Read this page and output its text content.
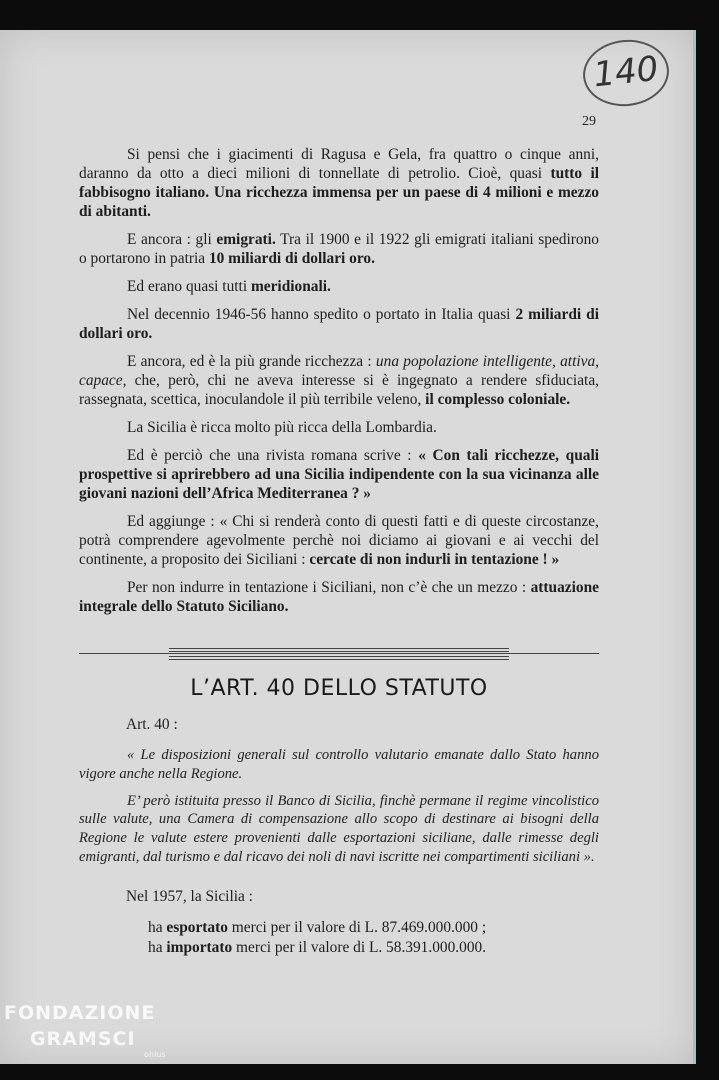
140
29

Si pensi che i giacimenti di Ragusa e Gela, fra quattro o cinque anni, daranno da otto a dieci milioni di tonnellate di petrolio. Cioè, quasi tutto il fabbisogno italiano. Una ricchezza immensa per un paese di 4 milioni e mezzo di abitanti.

E ancora : gli emigrati. Tra il 1900 e il 1922 gli emigrati italiani spedirono o portarono in patria 10 miliardi di dollari oro.

Ed erano quasi tutti meridionali.

Nel decennio 1946-56 hanno spedito o portato in Italia quasi 2 miliardi di dollari oro.

E ancora, ed è la più grande ricchezza : una popolazione intelligente, attiva, capace, che, però, chi ne aveva interesse si è ingegnato a rendere sfiduciata, rassegnata, scettica, inoculandole il più terribile veleno, il complesso coloniale.

La Sicilia è ricca molto più ricca della Lombardia.

Ed è perciò che una rivista romana scrive : « Con tali ricchezze, quali prospettive si aprirebbero ad una Sicilia indipendente con la sua vicinanza alle giovani nazioni dell’Africa Mediterranea ? »

Ed aggiunge : « Chi si renderà conto di questi fatti e di queste circostanze, potrà comprendere agevolmente perchè noi diciamo ai giovani e ai vecchi del continente, a proposito dei Siciliani : cercate di non indurli in tentazione ! »

Per non indurre in tentazione i Siciliani, non c’è che un mezzo : attuazione integrale dello Statuto Siciliano.

L’ART. 40 DELLO STATUTO
Art. 40 :

« Le disposizioni generali sul controllo valutario emanate dallo Stato hanno vigore anche nella Regione.

E’ però istituita presso il Banco di Sicilia, finchè permane il regime vincolistico sulle valute, una Camera di compensazione allo scopo di destinare ai bisogni della Regione le valute estere provenienti dalle esportazioni siciliane, dalle rimesse degli emigranti, dal turismo e dal ricavo dei noli di navi iscritte nei compartimenti siciliani ».

Nel 1957, la Sicilia :
ha esportato merci per il valore di L. 87.469.000.000 ;
ha importato merci per il valore di L. 58.391.000.000.
FONDAZIONE
GRAMSCI
onlus
